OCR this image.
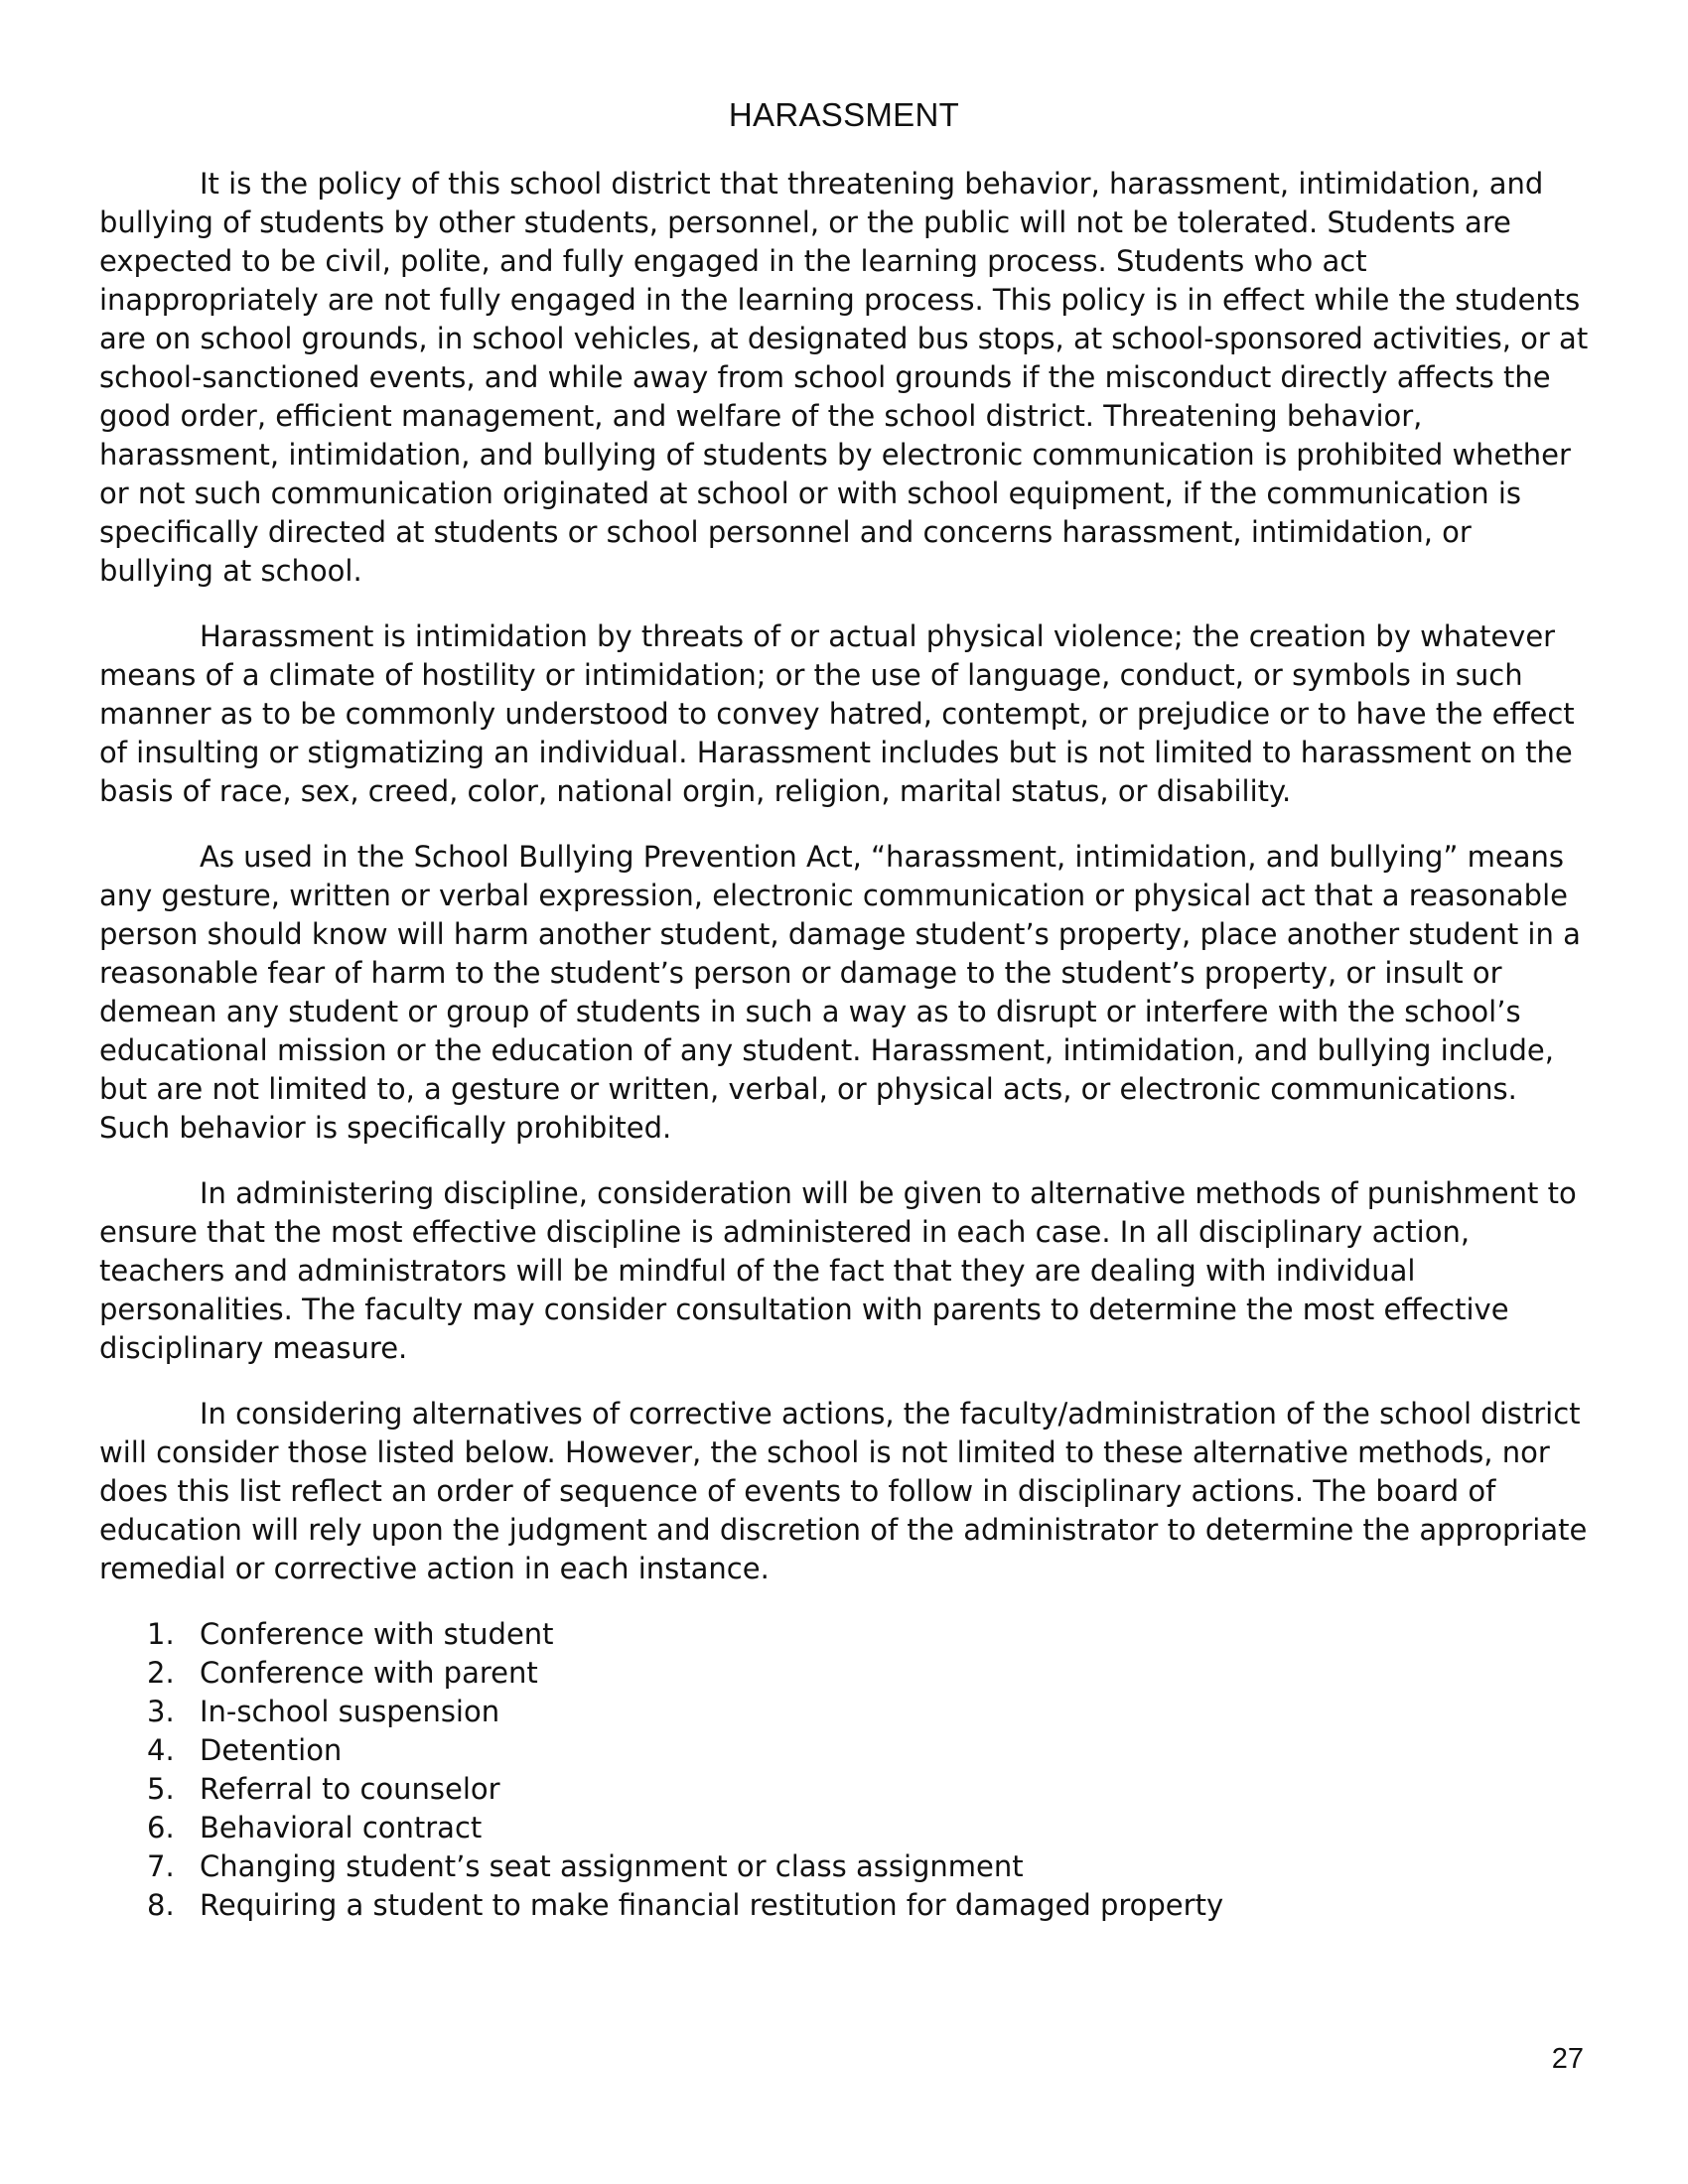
HARASSMENT

It is the policy of this school district that threatening behavior, harassment, intimidation, and bullying of students by other students, personnel, or the public will not be tolerated. Students are expected to be civil, polite, and fully engaged in the learning process. Students who act inappropriately are not fully engaged in the learning process. This policy is in effect while the students are on school grounds, in school vehicles, at designated bus stops, at school-sponsored activities, or at school-sanctioned events, and while away from school grounds if the misconduct directly affects the good order, efficient management, and welfare of the school district. Threatening behavior, harassment, intimidation, and bullying of students by electronic communication is prohibited whether or not such communication originated at school or with school equipment, if the communication is specifically directed at students or school personnel and concerns harassment, intimidation, or bullying at school.

Harassment is intimidation by threats of or actual physical violence; the creation by whatever means of a climate of hostility or intimidation; or the use of language, conduct, or symbols in such manner as to be commonly understood to convey hatred, contempt, or prejudice or to have the effect of insulting or stigmatizing an individual. Harassment includes but is not limited to harassment on the basis of race, sex, creed, color, national orgin, religion, marital status, or disability.

As used in the School Bullying Prevention Act, “harassment, intimidation, and bullying” means any gesture, written or verbal expression, electronic communication or physical act that a reasonable person should know will harm another student, damage student’s property, place another student in a reasonable fear of harm to the student’s person or damage to the student’s property, or insult or demean any student or group of students in such a way as to disrupt or interfere with the school’s educational mission or the education of any student. Harassment, intimidation, and bullying include, but are not limited to, a gesture or written, verbal, or physical acts, or electronic communications. Such behavior is specifically prohibited.

In administering discipline, consideration will be given to alternative methods of punishment to ensure that the most effective discipline is administered in each case. In all disciplinary action, teachers and administrators will be mindful of the fact that they are dealing with individual personalities. The faculty may consider consultation with parents to determine the most effective disciplinary measure.

In considering alternatives of corrective actions, the faculty/administration of the school district will consider those listed below. However, the school is not limited to these alternative methods, nor does this list reflect an order of sequence of events to follow in disciplinary actions. The board of education will rely upon the judgment and discretion of the administrator to determine the appropriate remedial or corrective action in each instance.

1. Conference with student
2. Conference with parent
3. In-school suspension
4. Detention
5. Referral to counselor
6. Behavioral contract
7. Changing student’s seat assignment or class assignment
8. Requiring a student to make financial restitution for damaged property
27
